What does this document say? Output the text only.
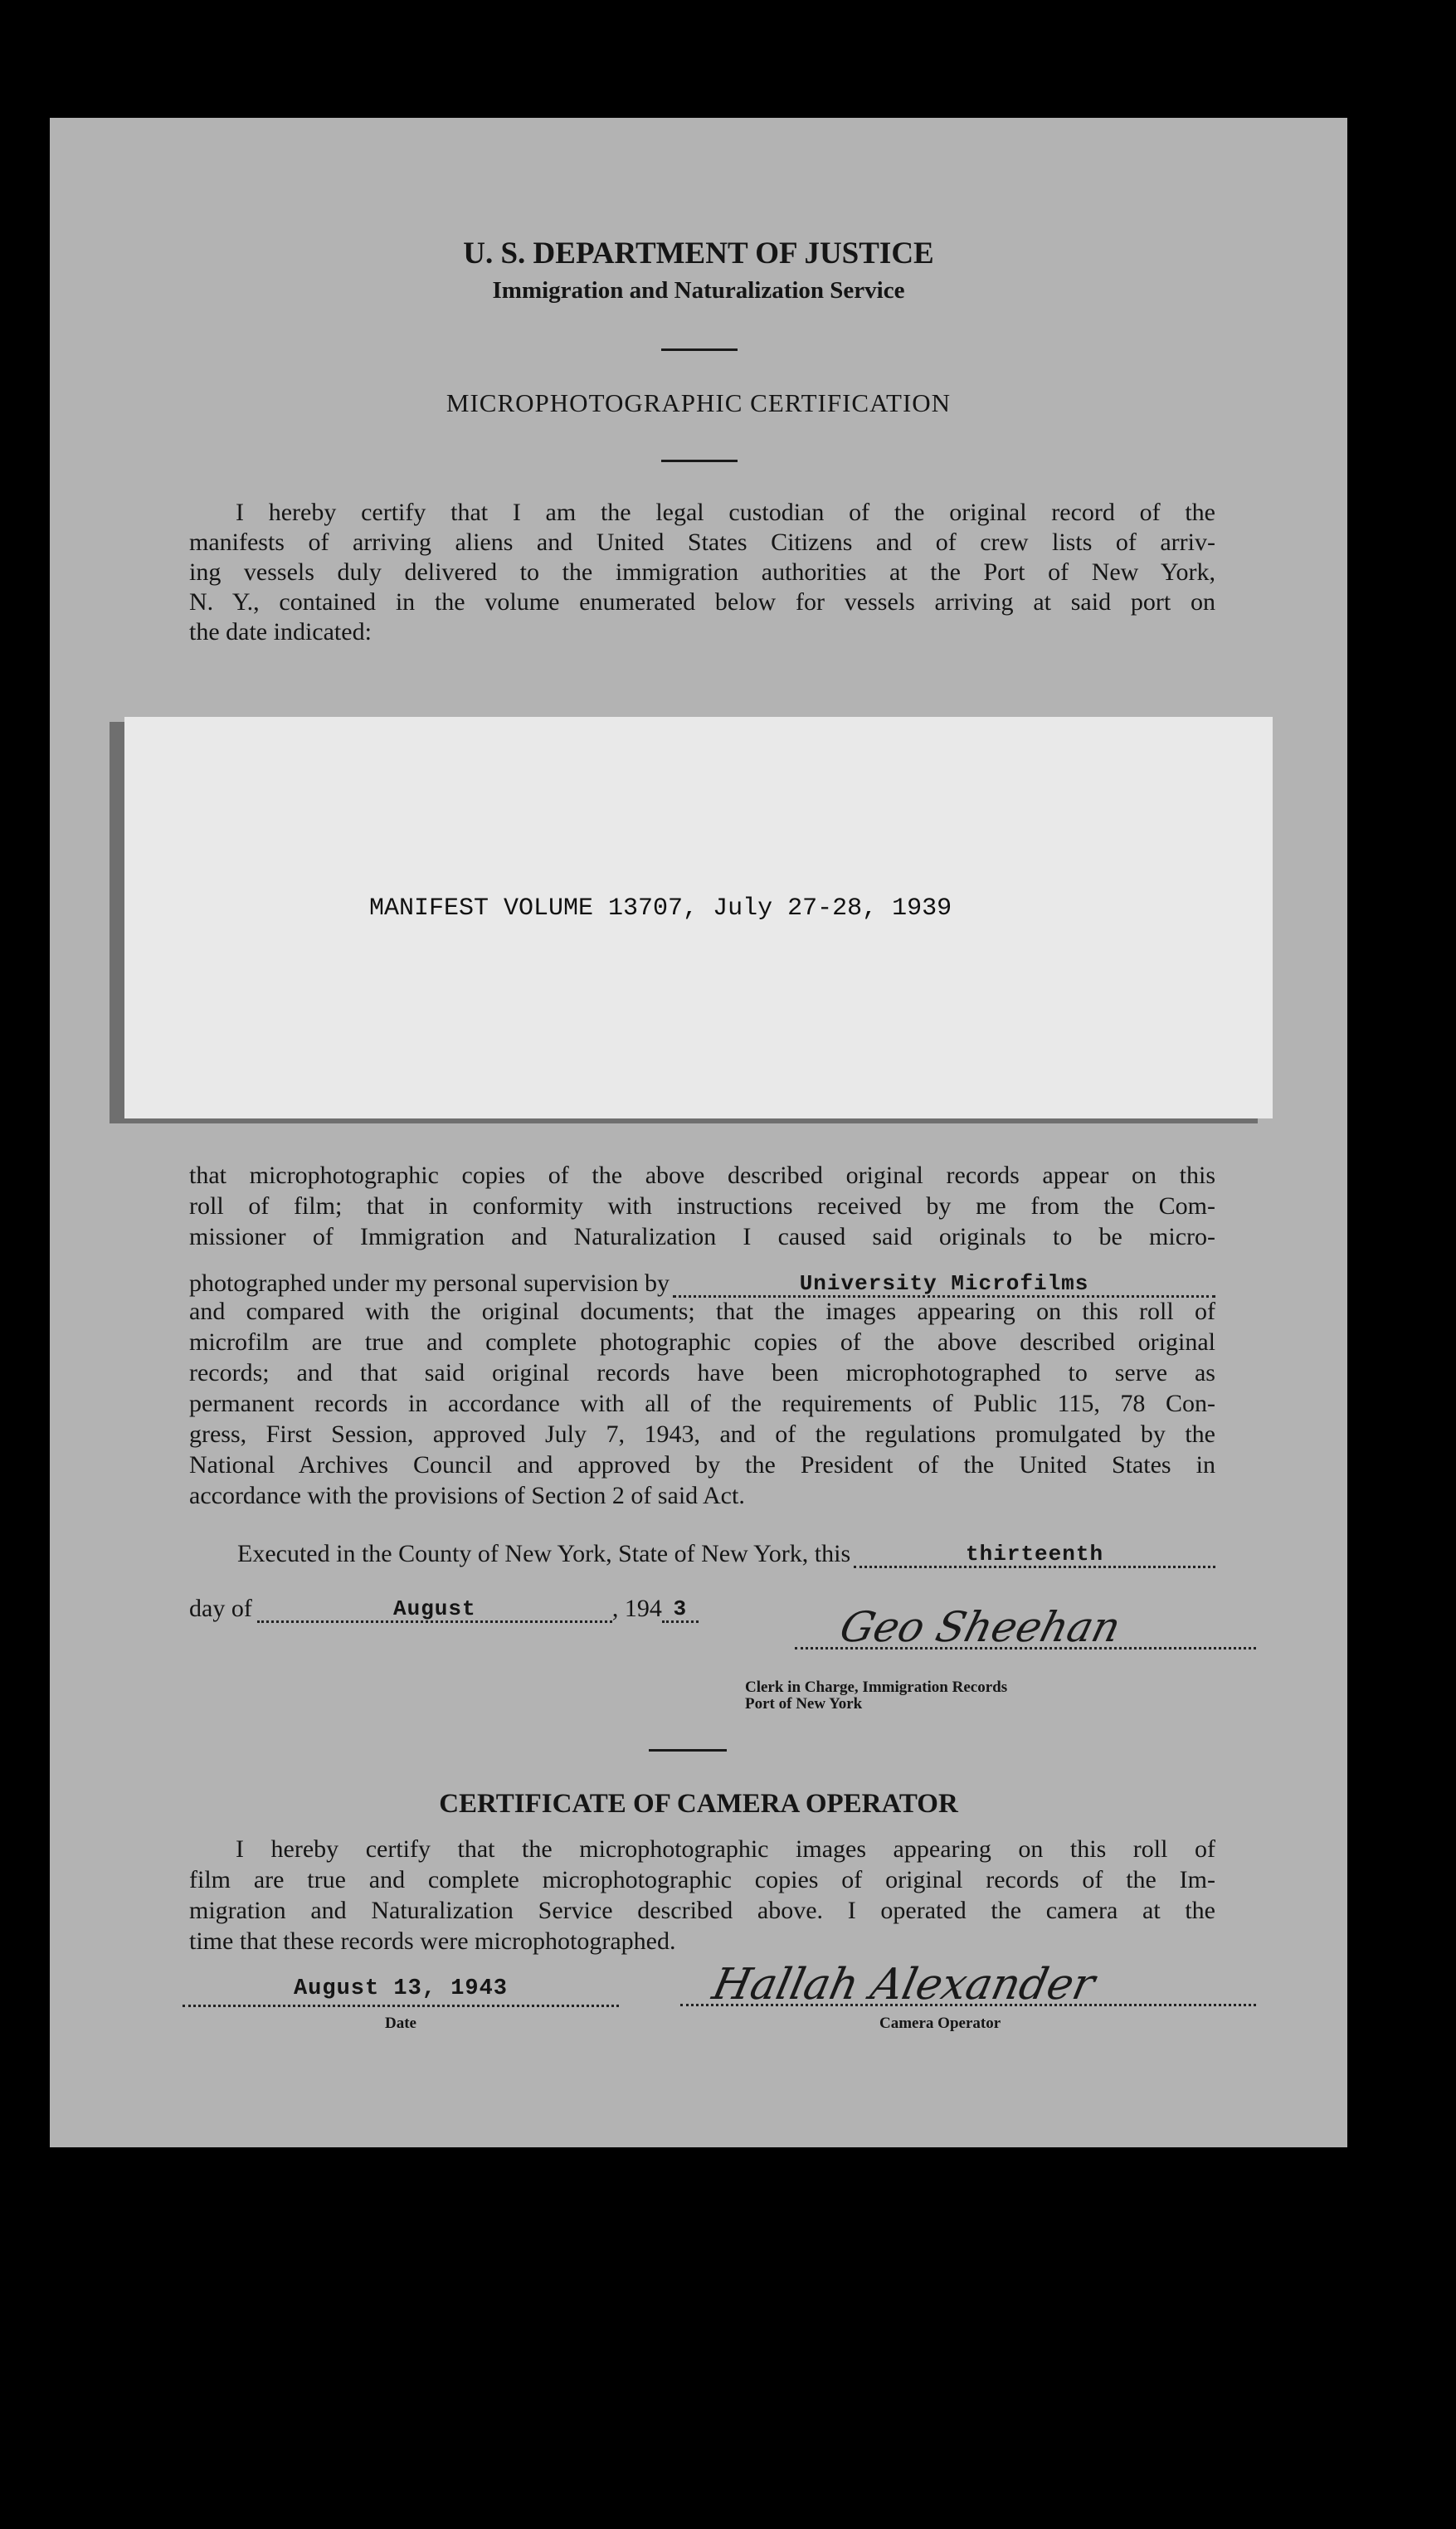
U. S. DEPARTMENT OF JUSTICE
Immigration and Naturalization Service
MICROPHOTOGRAPHIC CERTIFICATION
I hereby certify that I am the legal custodian of the original record of the
manifests of arriving aliens and United States Citizens and of crew lists of arriv-
ing vessels duly delivered to the immigration authorities at the Port of New York,
N. Y., contained in the volume enumerated below for vessels arriving at said port on
the date indicated:
MANIFEST VOLUME 13707, July 27-28, 1939
that microphotographic copies of the above described original records appear on this
roll of film; that in conformity with instructions received by me from the Com-
missioner of Immigration and Naturalization I caused said originals to be micro-
photographed under my personal supervision by	University Microfilms
and compared with the original documents; that the images appearing on this roll of
microfilm are true and complete photographic copies of the above described original
records; and that said original records have been microphotographed to serve as
permanent records in accordance with all of the requirements of Public 115, 78 Con-
gress, First Session, approved July 7, 1943, and of the regulations promulgated by the
National Archives Council and approved by the President of the United States in
accordance with the provisions of Section 2 of said Act.
Executed in the County of New York, State of New York, this	thirteenth
day of	August	, 194 3	Geo Sheehan
Clerk in Charge, Immigration Records
Port of New York
CERTIFICATE OF CAMERA OPERATOR
I hereby certify that the microphotographic images appearing on this roll of
film are true and complete microphotographic copies of original records of the Im-
migration and Naturalization Service described above. I operated the camera at the
time that these records were microphotographed.
August 13, 1943
Date
Hallah Alexander
Camera Operator
